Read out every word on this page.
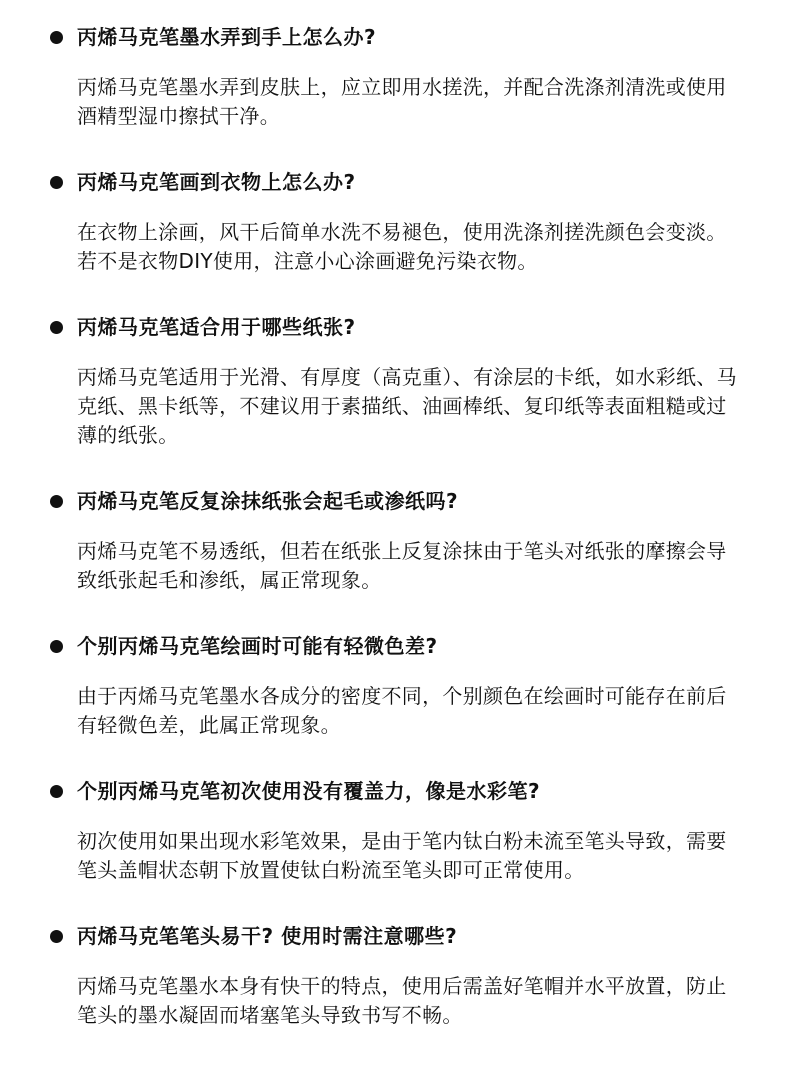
丙烯马克笔墨水弄到手上怎么办?
丙烯马克笔墨水弄到皮肤上，应立即用水搓洗，并配合洗涤剂清洗或使用酒精型湿巾擦拭干净。
丙烯马克笔画到衣物上怎么办?
在衣物上涂画，风干后简单水洗不易褪色，使用洗涤剂搓洗颜色会变淡。若不是衣物DIY使用，注意小心涂画避免污染衣物。
丙烯马克笔适合用于哪些纸张?
丙烯马克笔适用于光滑、有厚度（高克重）、有涂层的卡纸，如水彩纸、马克纸、黑卡纸等，不建议用于素描纸、油画棒纸、复印纸等表面粗糙或过薄的纸张。
丙烯马克笔反复涂抹纸张会起毛或渗纸吗?
丙烯马克笔不易透纸，但若在纸张上反复涂抹由于笔头对纸张的摩擦会导致纸张起毛和渗纸，属正常现象。
个别丙烯马克笔绘画时可能有轻微色差?
由于丙烯马克笔墨水各成分的密度不同，个别颜色在绘画时可能存在前后有轻微色差，此属正常现象。
个别丙烯马克笔初次使用没有覆盖力，像是水彩笔?
初次使用如果出现水彩笔效果，是由于笔内钛白粉未流至笔头导致，需要笔头盖帽状态朝下放置使钛白粉流至笔头即可正常使用。
丙烯马克笔笔头易干? 使用时需注意哪些?
丙烯马克笔墨水本身有快干的特点，使用后需盖好笔帽并水平放置，防止笔头的墨水凝固而堵塞笔头导致书写不畅。
